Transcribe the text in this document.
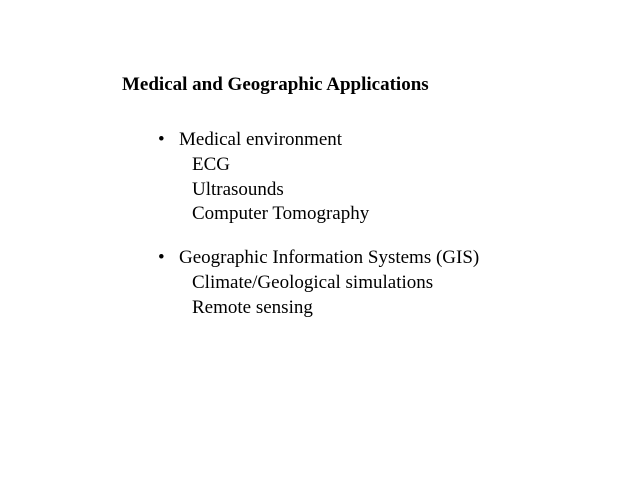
Medical and Geographic Applications
• Medical environment
ECG
Ultrasounds
Computer Tomography
• Geographic Information Systems (GIS)
Climate/Geological simulations
Remote sensing
